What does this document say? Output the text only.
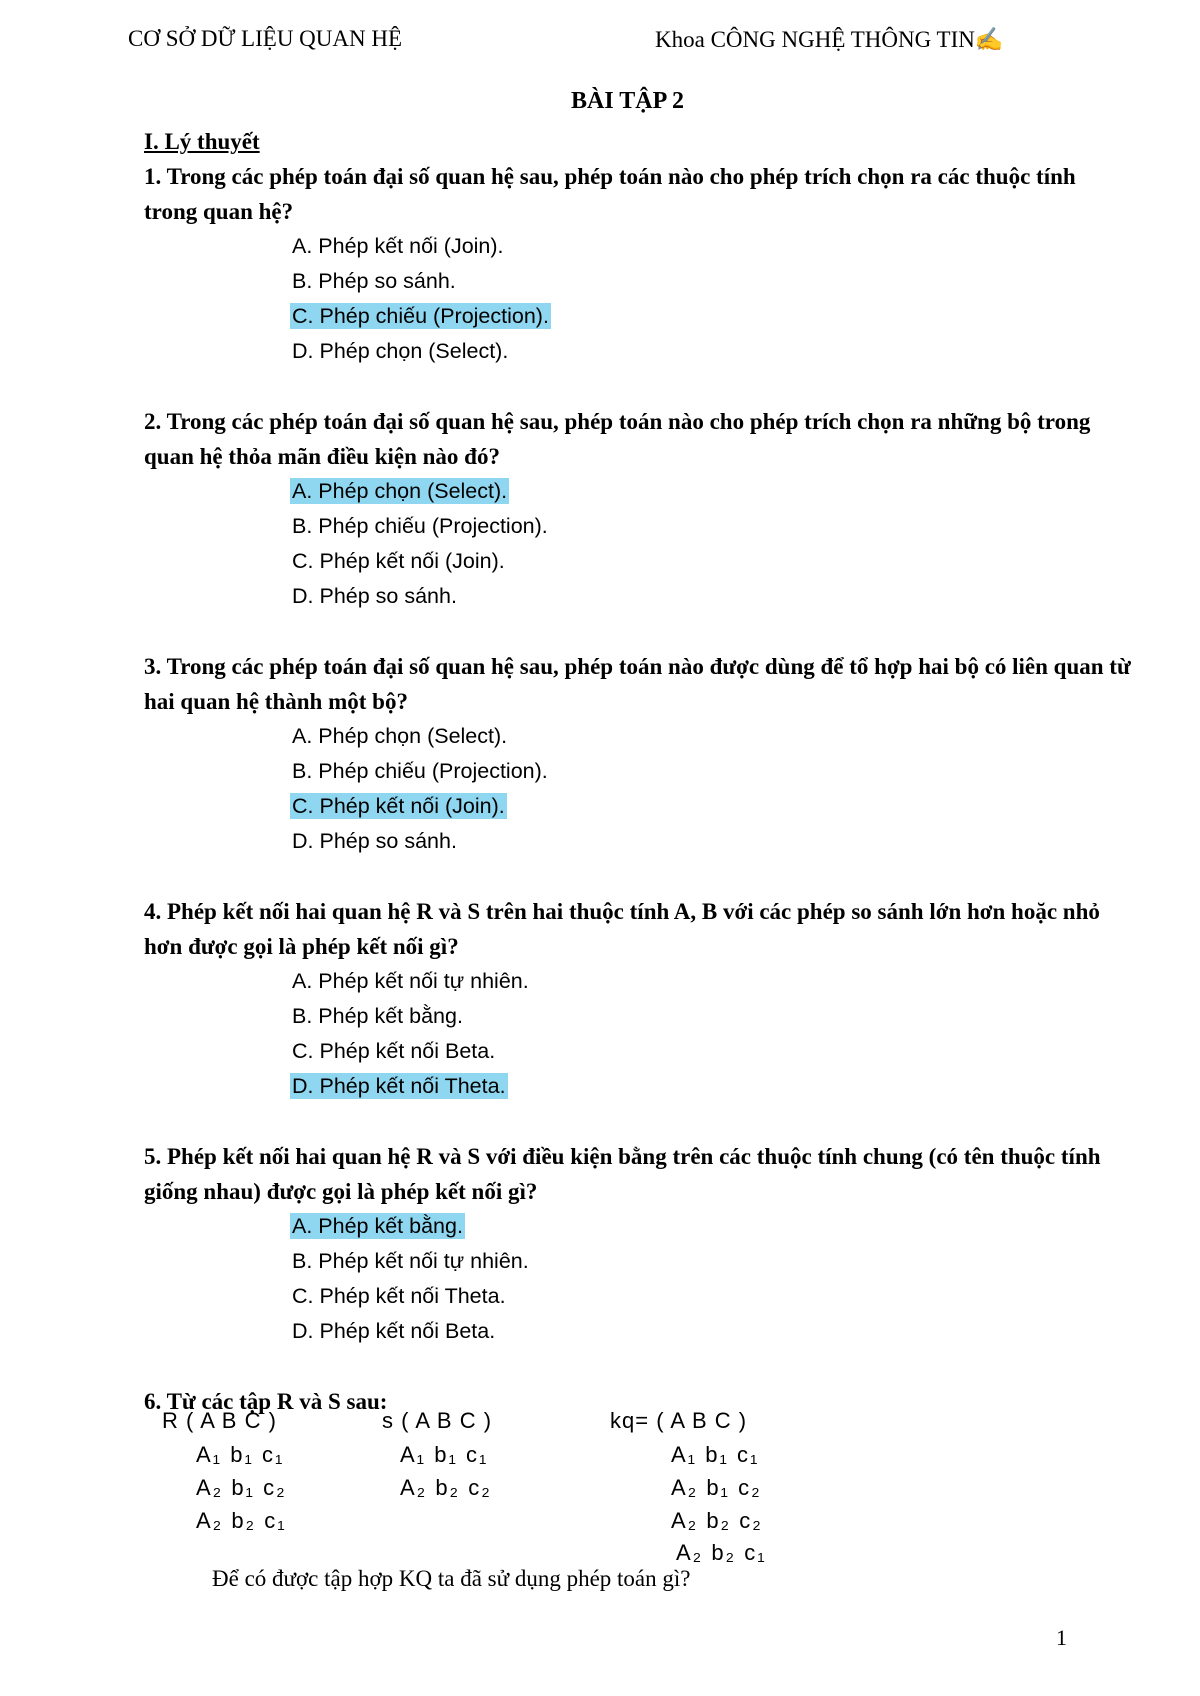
CƠ SỞ DỮ LIỆU QUAN HỆ	Khoa CÔNG NGHỆ THÔNG TIN✍
BÀI TẬP 2
I. Lý thuyết
1. Trong các phép toán đại số quan hệ sau, phép toán nào cho phép trích chọn ra các thuộc tính trong quan hệ?
A. Phép kết nối (Join).
B. Phép so sánh.
C. Phép chiếu (Projection).
D. Phép chọn (Select).
2. Trong các phép toán đại số quan hệ sau, phép toán nào cho phép trích chọn ra những bộ trong quan hệ thỏa mãn điều kiện nào đó?
A. Phép chọn (Select).
B. Phép chiếu (Projection).
C. Phép kết nối (Join).
D. Phép so sánh.
3. Trong các phép toán đại số quan hệ sau, phép toán nào được dùng để tổ hợp hai bộ có liên quan từ hai quan hệ thành một bộ?
A. Phép chọn (Select).
B. Phép chiếu (Projection).
C. Phép kết nối (Join).
D. Phép so sánh.
4. Phép kết nối hai quan hệ R và S trên hai thuộc tính A, B với các phép so sánh lớn hơn hoặc nhỏ hơn được gọi là phép kết nối gì?
A. Phép kết nối tự nhiên.
B. Phép kết bằng.
C. Phép kết nối Beta.
D. Phép kết nối Theta.
5. Phép kết nối hai quan hệ R và S với điều kiện bằng trên các thuộc tính chung (có tên thuộc tính giống nhau) được gọi là phép kết nối gì?
A. Phép kết bằng.
B. Phép kết nối tự nhiên.
C. Phép kết nối Theta.
D. Phép kết nối Beta.
6. Từ các tập R và S sau:
R ( A B C )
A₁ b₁ c₁
A₂ b₁ c₂
A₂ b₂ c₁
s ( A B C )
A₁ b₁ c₁
A₂ b₂ c₂
kq= ( A B C )
A₁ b₁ c₁
A₂ b₁ c₂
A₂ b₂ c₂
A₂ b₂ c₁
Để có được tập hợp KQ ta đã sử dụng phép toán gì?
1
